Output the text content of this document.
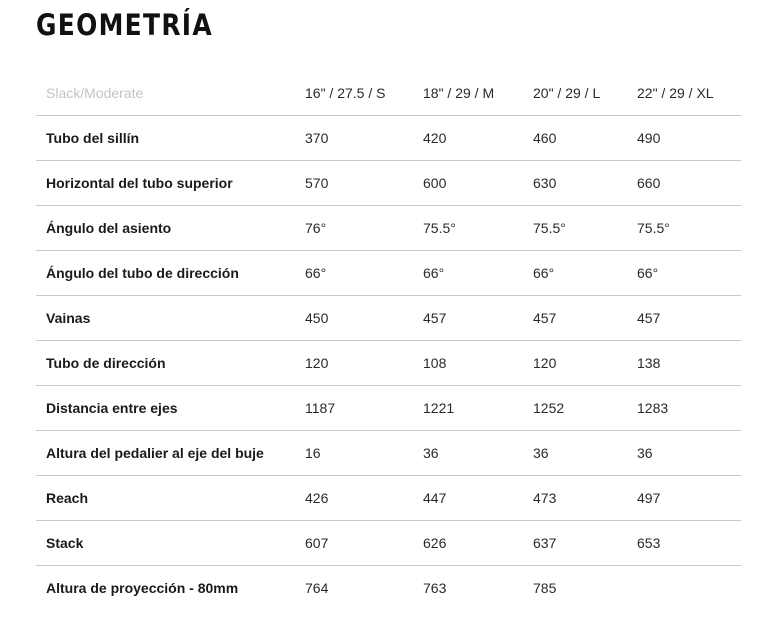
GEOMETRÍA
Slack/Moderate	16" / 27.5 / S	18" / 29 / M	20" / 29 / L	22" / 29 / XL
Tubo del sillín	370	420	460	490
Horizontal del tubo superior	570	600	630	660
Ángulo del asiento	76°	75.5°	75.5°	75.5°
Ángulo del tubo de dirección	66°	66°	66°	66°
Vainas	450	457	457	457
Tubo de dirección	120	108	120	138
Distancia entre ejes	1187	1221	1252	1283
Altura del pedalier al eje del buje	16	36	36	36
Reach	426	447	473	497
Stack	607	626	637	653
Altura de proyección - 80mm	764	763	785	
